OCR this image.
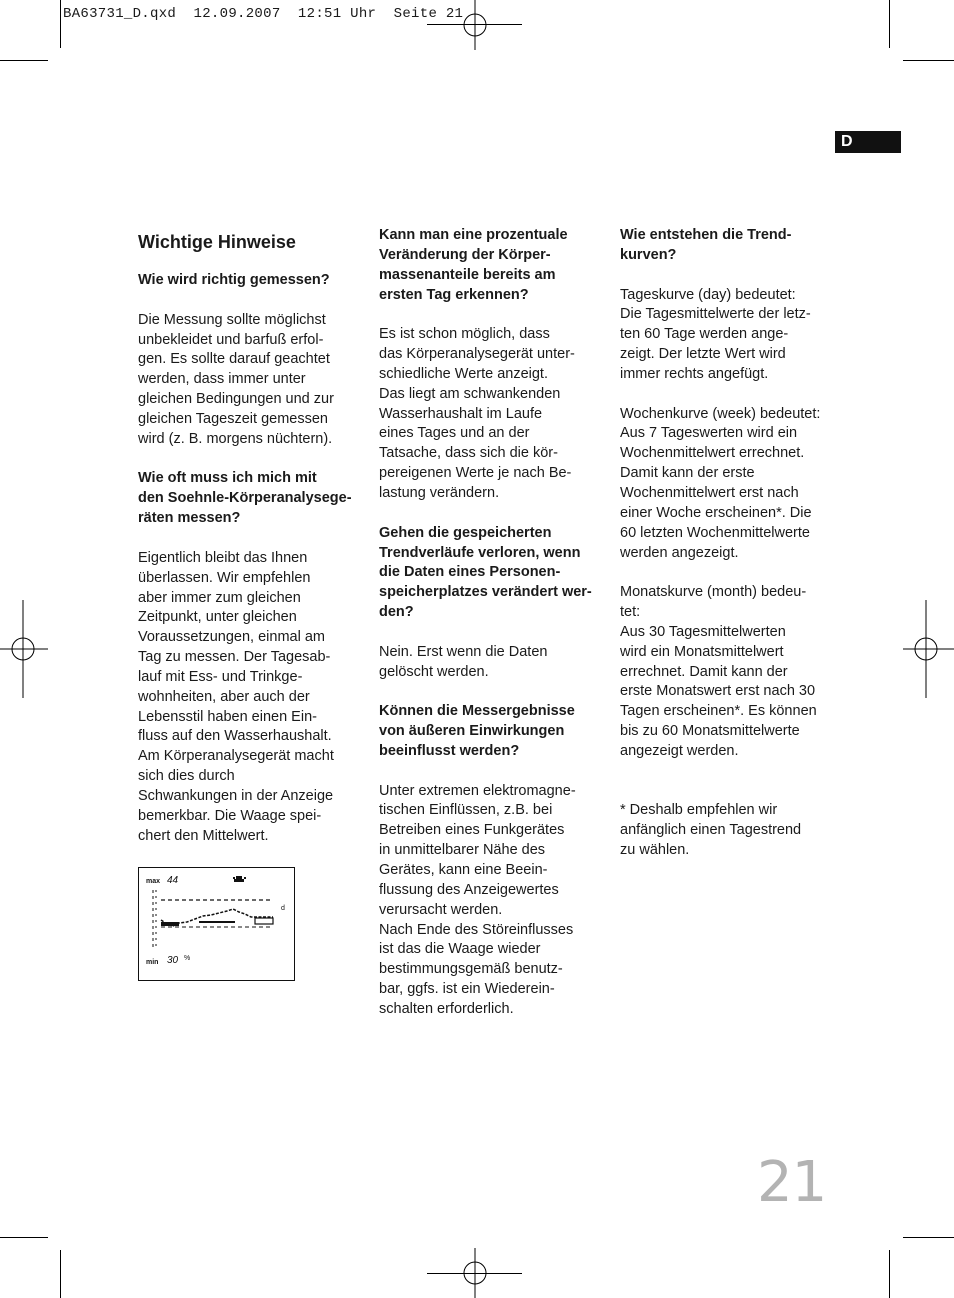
BA63731_D.qxd  12.09.2007  12:51 Uhr  Seite 21
D

Wichtige Hinweise

Wie wird richtig gemessen?

Die Messung sollte möglichst

unbekleidet und barfuß erfol-

gen. Es sollte darauf geachtet

werden, dass immer unter

gleichen Bedingungen und zur

gleichen Tageszeit gemessen

wird (z. B. morgens nüchtern).

Wie oft muss ich mich mit

den Soehnle-Körperanalysege-

räten messen?

Eigentlich bleibt das Ihnen

überlassen. Wir empfehlen

aber immer zum gleichen

Zeitpunkt, unter gleichen

Voraussetzungen, einmal am

Tag zu messen. Der Tagesab-

lauf mit Ess- und Trinkge-

wohnheiten, aber auch der

Lebensstil haben einen Ein-

fluss auf den Wasserhaushalt.

Am Körperanalysegerät macht

sich dies durch

Schwankungen in der Anzeige

bemerkbar. Die Waage spei-

chert den Mittelwert.

max 44
min 30 %
d

Kann man eine prozentuale

Veränderung der Körper-

massenanteile bereits am

ersten Tag erkennen?

Es ist schon möglich, dass

das Körperanalysegerät unter-

schiedliche Werte anzeigt.

Das liegt am schwankenden

Wasserhaushalt im Laufe

eines Tages und an der

Tatsache, dass sich die kör-

pereigenen Werte je nach Be-

lastung verändern.

Gehen die gespeicherten

Trendverläufe verloren, wenn

die Daten eines Personen-

speicherplatzes verändert wer-

den?

Nein. Erst wenn die Daten

gelöscht werden.

Können die Messergebnisse

von äußeren Einwirkungen

beeinflusst werden?

Unter extremen elektromagne-

tischen Einflüssen, z.B. bei

Betreiben eines Funkgerätes

in unmittelbarer Nähe des

Gerätes, kann eine Beein-

flussung des Anzeigewertes

verursacht werden.

Nach Ende des Störeinflusses

ist das die Waage wieder

bestimmungsgemäß benutz-

bar, ggfs. ist ein Wiederein-

schalten erforderlich.

Wie entstehen die Trend-

kurven?

Tageskurve (day) bedeutet:

Die Tagesmittelwerte der letz-

ten 60 Tage werden ange-

zeigt. Der letzte Wert wird

immer rechts angefügt.

Wochenkurve (week) bedeutet:

Aus 7 Tageswerten wird ein

Wochenmittelwert errechnet.

Damit kann der erste

Wochenmittelwert erst nach

einer Woche erscheinen*. Die

60 letzten Wochenmittelwerte

werden angezeigt.

Monatskurve (month) bedeu-

tet:

Aus 30 Tagesmittelwerten

wird ein Monatsmittelwert

errechnet. Damit kann der

erste Monatswert erst nach 30

Tagen erscheinen*. Es können

bis zu 60 Monatsmittelwerte

angezeigt werden.

* Deshalb empfehlen wir

anfänglich einen Tagestrend

zu wählen.

21
